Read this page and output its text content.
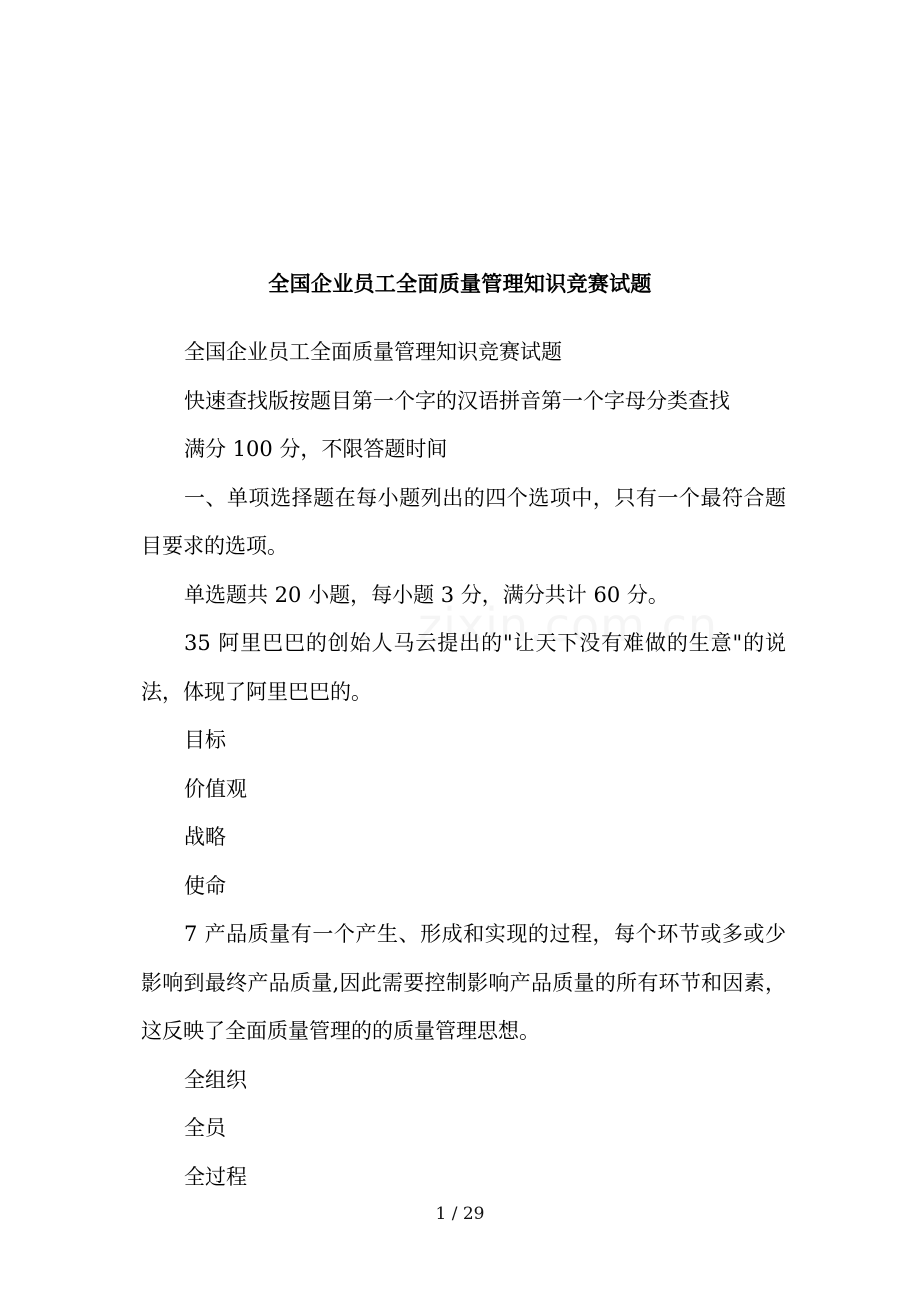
全国企业员工全面质量管理知识竞赛试题

全国企业员工全面质量管理知识竞赛试题

快速查找版按题目第一个字的汉语拼音第一个字母分类查找

满分 100 分，不限答题时间

一、单项选择题在每小题列出的四个选项中，只有一个最符合题目要求的选项。

单选题共 20 小题，每小题 3 分，满分共计 60 分。

35 阿里巴巴的创始人马云提出的"让天下没有难做的生意"的说法，体现了阿里巴巴的。

目标

价值观

战略

使命

7 产品质量有一个产生、形成和实现的过程，每个环节或多或少影响到最终产品质量,因此需要控制影响产品质量的所有环节和因素，这反映了全面质量管理的的质量管理思想。

全组织

全员

全过程

1 / 29
